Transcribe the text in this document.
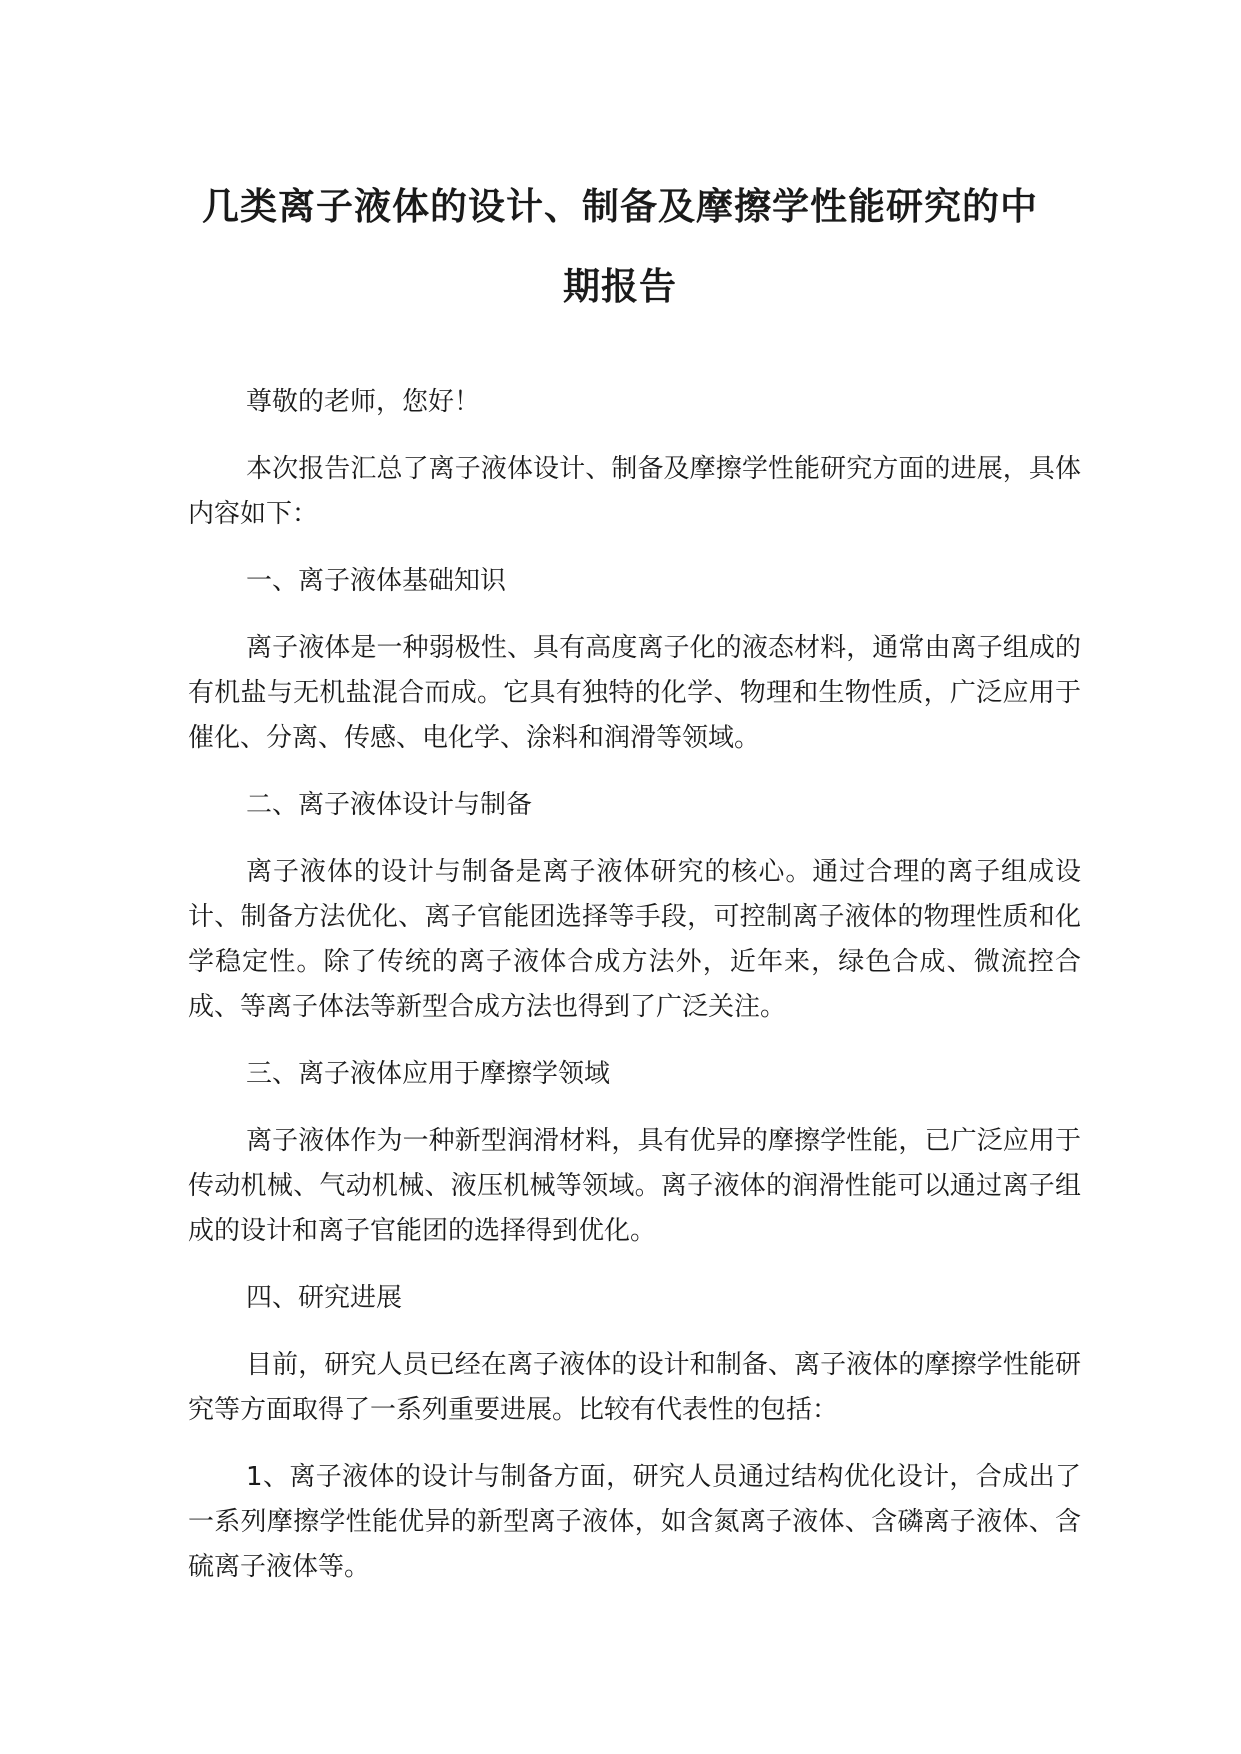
几类离子液体的设计、制备及摩擦学性能研究的中
期报告

尊敬的老师，您好！

本次报告汇总了离子液体设计、制备及摩擦学性能研究方面的进展，具体内容如下：

一、离子液体基础知识

离子液体是一种弱极性、具有高度离子化的液态材料，通常由离子组成的有机盐与无机盐混合而成。它具有独特的化学、物理和生物性质，广泛应用于催化、分离、传感、电化学、涂料和润滑等领域。

二、离子液体设计与制备

离子液体的设计与制备是离子液体研究的核心。通过合理的离子组成设计、制备方法优化、离子官能团选择等手段，可控制离子液体的物理性质和化学稳定性。除了传统的离子液体合成方法外，近年来，绿色合成、微流控合成、等离子体法等新型合成方法也得到了广泛关注。

三、离子液体应用于摩擦学领域

离子液体作为一种新型润滑材料，具有优异的摩擦学性能，已广泛应用于传动机械、气动机械、液压机械等领域。离子液体的润滑性能可以通过离子组成的设计和离子官能团的选择得到优化。

四、研究进展

目前，研究人员已经在离子液体的设计和制备、离子液体的摩擦学性能研究等方面取得了一系列重要进展。比较有代表性的包括：

1、离子液体的设计与制备方面，研究人员通过结构优化设计，合成出了一系列摩擦学性能优异的新型离子液体，如含氮离子液体、含磷离子液体、含硫离子液体等。
